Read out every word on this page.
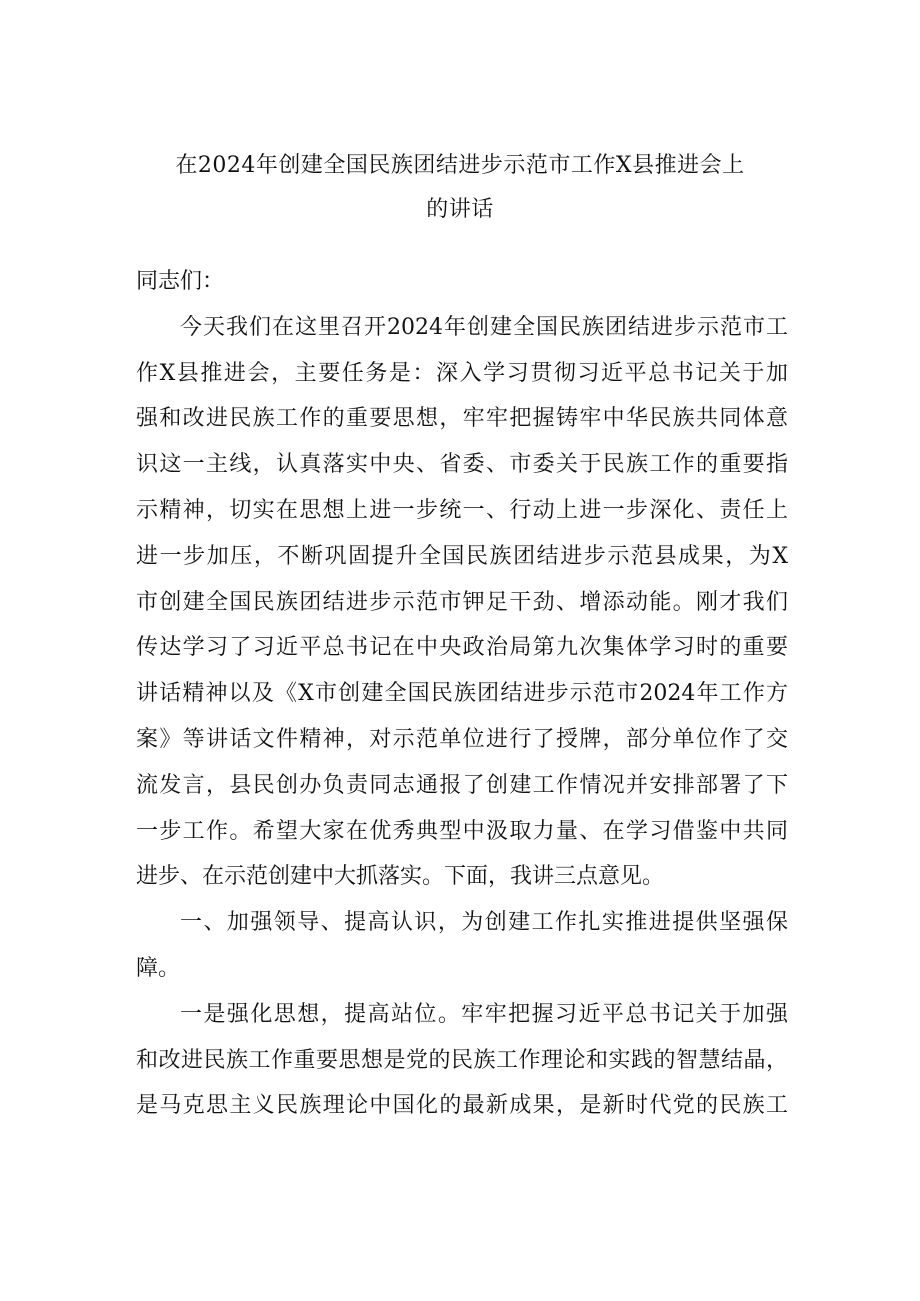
在2024年创建全国民族团结进步示范市工作X县推进会上
的讲话
同志们：
今天我们在这里召开2024年创建全国民族团结进步示范市工
作X县推进会，主要任务是：深入学习贯彻习近平总书记关于加
强和改进民族工作的重要思想，牢牢把握铸牢中华民族共同体意
识这一主线，认真落实中央、省委、市委关于民族工作的重要指
示精神，切实在思想上进一步统一、行动上进一步深化、责任上
进一步加压，不断巩固提升全国民族团结进步示范县成果，为X
市创建全国民族团结进步示范市钾足干劲、增添动能。刚才我们
传达学习了习近平总书记在中央政治局第九次集体学习时的重要
讲话精神以及《X市创建全国民族团结进步示范市2024年工作方
案》等讲话文件精神，对示范单位进行了授牌，部分单位作了交
流发言，县民创办负责同志通报了创建工作情况并安排部署了下
一步工作。希望大家在优秀典型中汲取力量、在学习借鉴中共同
进步、在示范创建中大抓落实。下面，我讲三点意见。
一、加强领导、提高认识，为创建工作扎实推进提供坚强保
障。
一是强化思想，提高站位。牢牢把握习近平总书记关于加强
和改进民族工作重要思想是党的民族工作理论和实践的智慧结晶，
是马克思主义民族理论中国化的最新成果，是新时代党的民族工
